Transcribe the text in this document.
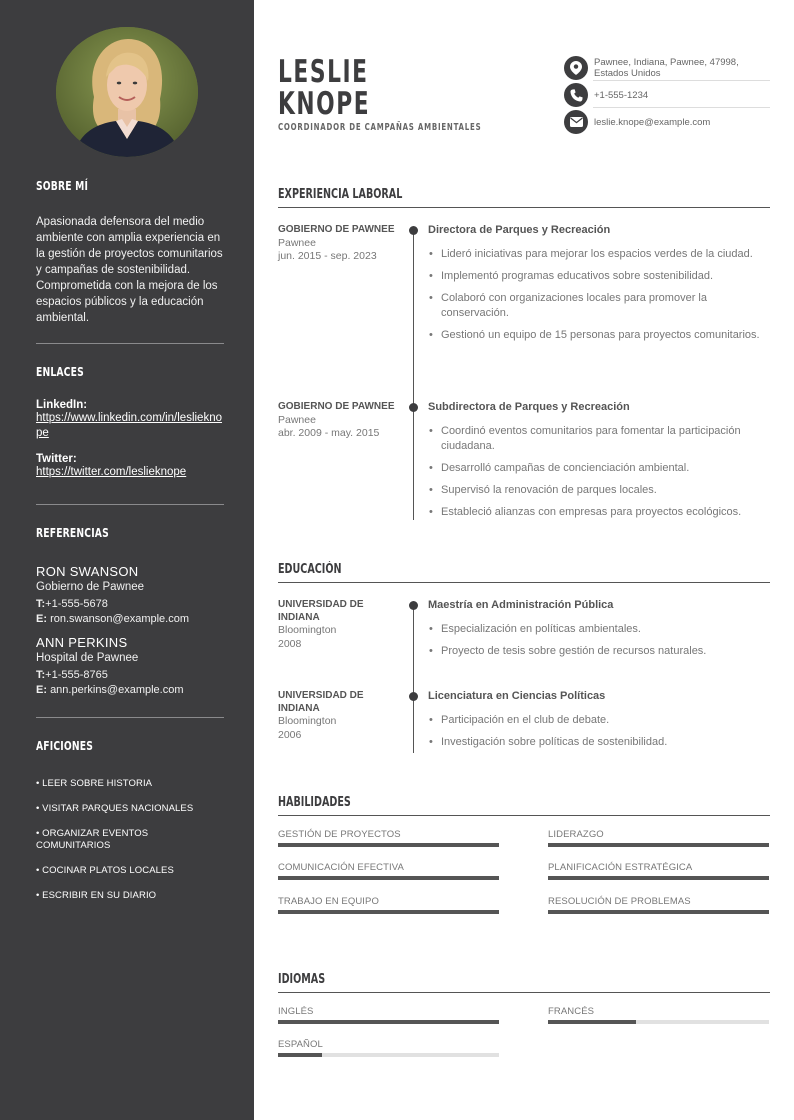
SOBRE MÍ
Apasionada defensora del medio ambiente con amplia experiencia en la gestión de proyectos comunitarios y campañas de sostenibilidad. Comprometida con la mejora de los espacios públicos y la educación ambiental.
ENLACES
LinkedIn:
https://www.linkedin.com/in/leslieknope
Twitter:
https://twitter.com/leslieknope
REFERENCIAS
RON SWANSON
Gobierno de Pawnee
T:+1-555-5678
E: ron.swanson@example.com
ANN PERKINS
Hospital de Pawnee
T:+1-555-8765
E: ann.perkins@example.com
AFICIONES
• LEER SOBRE HISTORIA
• VISITAR PARQUES NACIONALES
• ORGANIZAR EVENTOS COMUNITARIOS
• COCINAR PLATOS LOCALES
• ESCRIBIR EN SU DIARIO
LESLIE
KNOPE
COORDINADOR DE CAMPAÑAS AMBIENTALES
Pawnee, Indiana, Pawnee, 47998,
Estados Unidos
+1-555-1234
leslie.knope@example.com
EXPERIENCIA LABORAL
GOBIERNO DE PAWNEE
Pawnee
jun. 2015 - sep. 2023
Directora de Parques y Recreación
• Lideró iniciativas para mejorar los espacios verdes de la ciudad.
• Implementó programas educativos sobre sostenibilidad.
• Colaboró con organizaciones locales para promover la conservación.
• Gestionó un equipo de 15 personas para proyectos comunitarios.
GOBIERNO DE PAWNEE
Pawnee
abr. 2009 - may. 2015
Subdirectora de Parques y Recreación
• Coordinó eventos comunitarios para fomentar la participación ciudadana.
• Desarrolló campañas de concienciación ambiental.
• Supervisó la renovación de parques locales.
• Estableció alianzas con empresas para proyectos ecológicos.
EDUCACIÓN
UNIVERSIDAD DE INDIANA
Bloomington
2008
Maestría en Administración Pública
• Especialización en políticas ambientales.
• Proyecto de tesis sobre gestión de recursos naturales.
UNIVERSIDAD DE INDIANA
Bloomington
2006
Licenciatura en Ciencias Políticas
• Participación en el club de debate.
• Investigación sobre políticas de sostenibilidad.
HABILIDADES
GESTIÓN DE PROYECTOS	LIDERAZGO
COMUNICACIÓN EFECTIVA	PLANIFICACIÓN ESTRATÉGICA
TRABAJO EN EQUIPO	RESOLUCIÓN DE PROBLEMAS
IDIOMAS
INGLÉS	FRANCÉS
ESPAÑOL
